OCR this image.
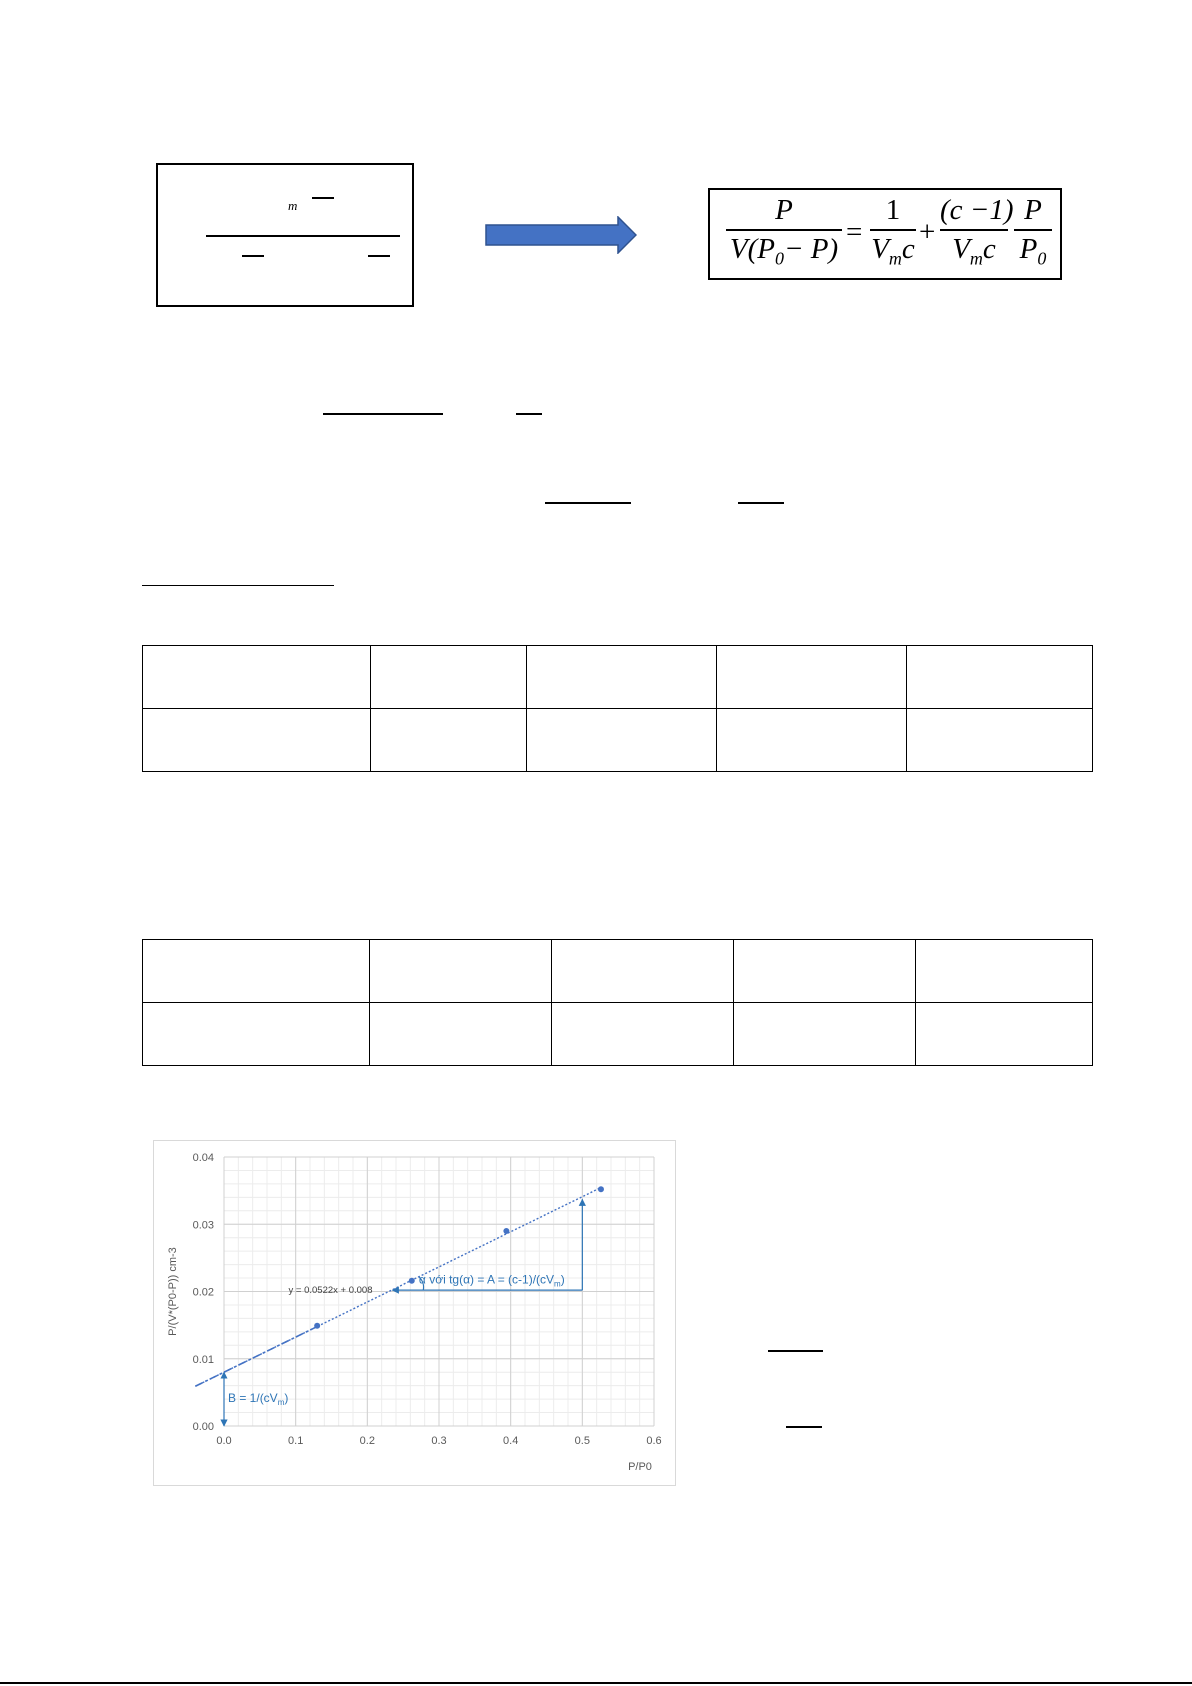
m	P
$V(P_0- P)$
=
1
$V_mc$
+
(c −1)
$V_mc$
P
$P_0$

0.0	0.1	0.2	0.3	0.4	0.5	0.6
0.00
0.01
0.02
0.03
0.04
y = 0.0522x + 0.008
$B = 1/(cV_m)$
α với $tg(\alpha) = A = (c-1)/(cV_m)$
P/P0
P/(V*(P0-P)) cm-3
